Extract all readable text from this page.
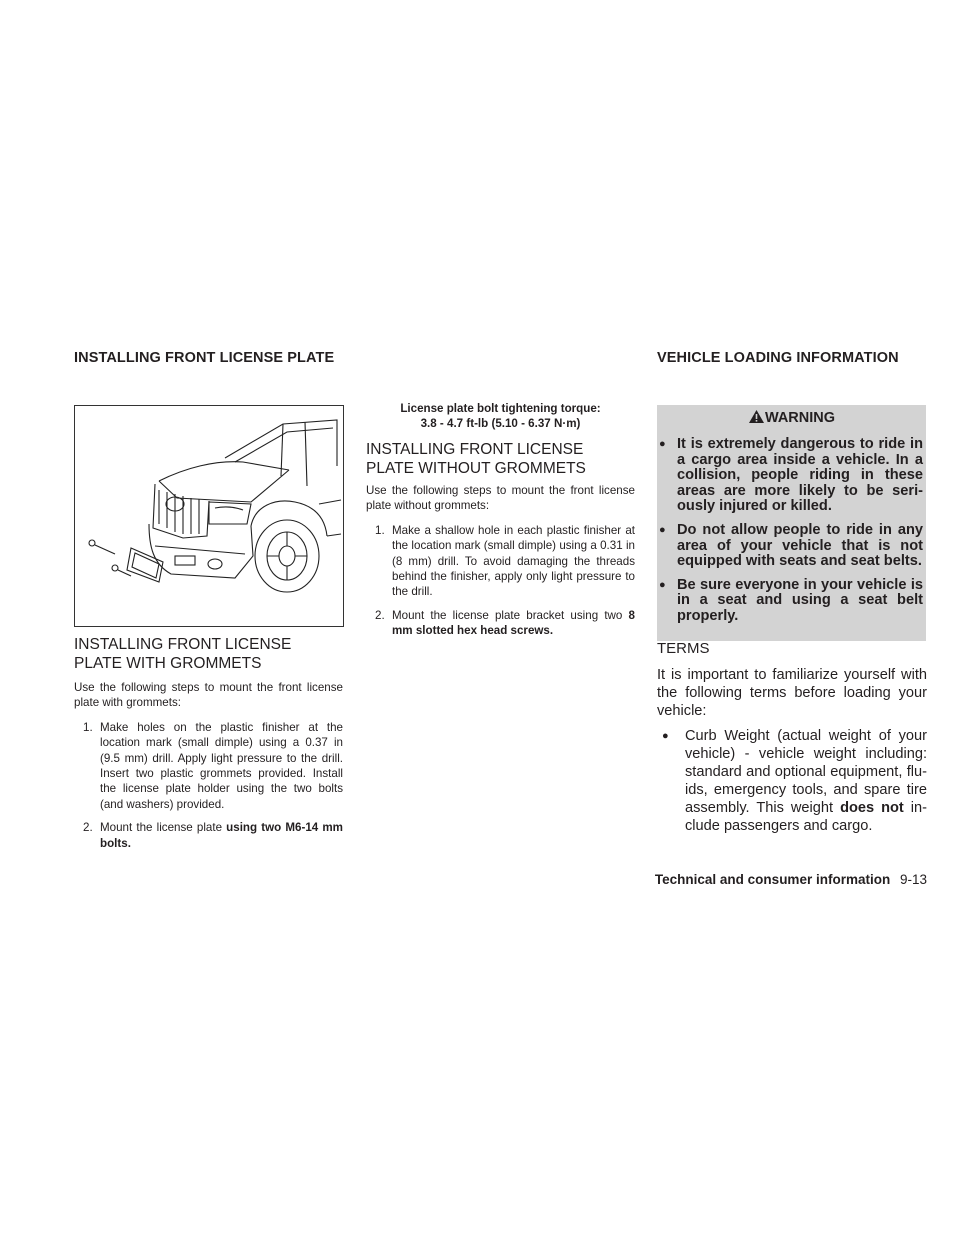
INSTALLING FRONT LICENSE PLATE
INSTALLING FRONT LICENSE
PLATE WITH GROMMETS

Use the following steps to mount the front license plate with grommets:

1. Make holes on the plastic finisher at the location mark (small dimple) using a 0.37 in (9.5 mm) drill. Apply light pressure to the drill. Insert two plastic grommets provided. Install the license plate holder using the two bolts (and washers) provided.
2. Mount the license plate using two M6-14 mm bolts.
License plate bolt tightening torque:
3.8 - 4.7 ft-lb (5.10 - 6.37 N·m)
INSTALLING FRONT LICENSE
PLATE WITHOUT GROMMETS

Use the following steps to mount the front license plate without grommets:

1. Make a shallow hole in each plastic finisher at the location mark (small dimple) using a 0.31 in (8 mm) drill. To avoid damaging the threads behind the finisher, apply only light pressure to the drill.
2. Mount the license plate bracket using two 8 mm slotted hex head screws.
VEHICLE LOADING INFORMATION
WARNING
● It is extremely dangerous to ride in a cargo area inside a vehicle. In a collision, people riding in these areas are more likely to be seri- ously injured or killed.
● Do not allow people to ride in any area of your vehicle that is not equipped with seats and seat belts.
● Be sure everyone in your vehicle is in a seat and using a seat belt properly.
TERMS
It is important to familiarize yourself with the following terms before loading your vehicle:
● Curb Weight (actual weight of your vehicle) - vehicle weight including: standard and optional equipment, flu- ids, emergency tools, and spare tire assembly. This weight does not in- clude passengers and cargo.
Technical and consumer information 9-13
